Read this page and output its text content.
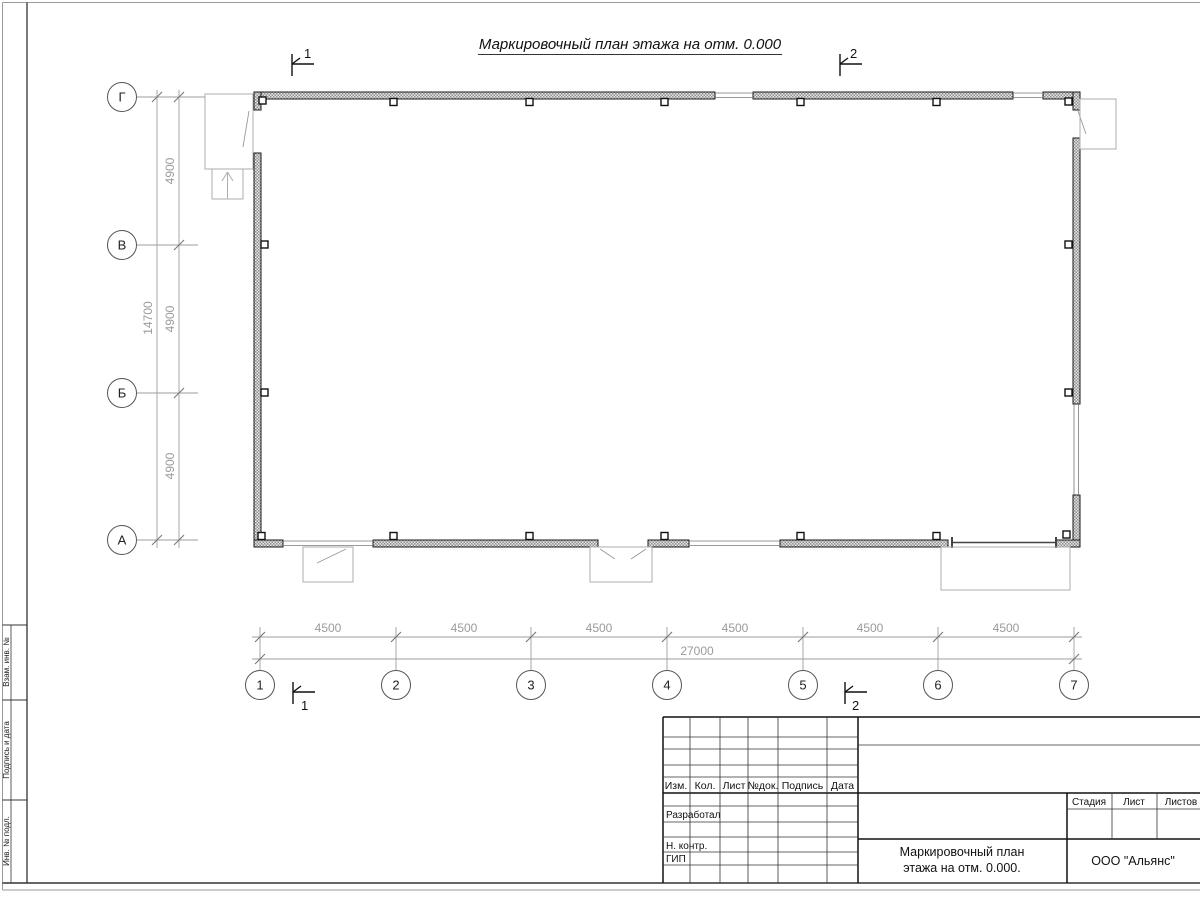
Взам. инв. №
Подпись и дата
Инв. № подл.
Маркировочный план этажа на отм. 0.000
14700
4900
4900
4900
Г
В
Б
А
4500	4500	4500	4500	4500	4500
27000
1	2	3	4	5	6	7
1	2
1	2
Изм. Кол. Лист №док. Подпись Дата
Разработал
Н. контр.
ГИП
Стадия Лист Листов
Маркировочный план
этажа на отм. 0.000.	ООО "Альянс"
